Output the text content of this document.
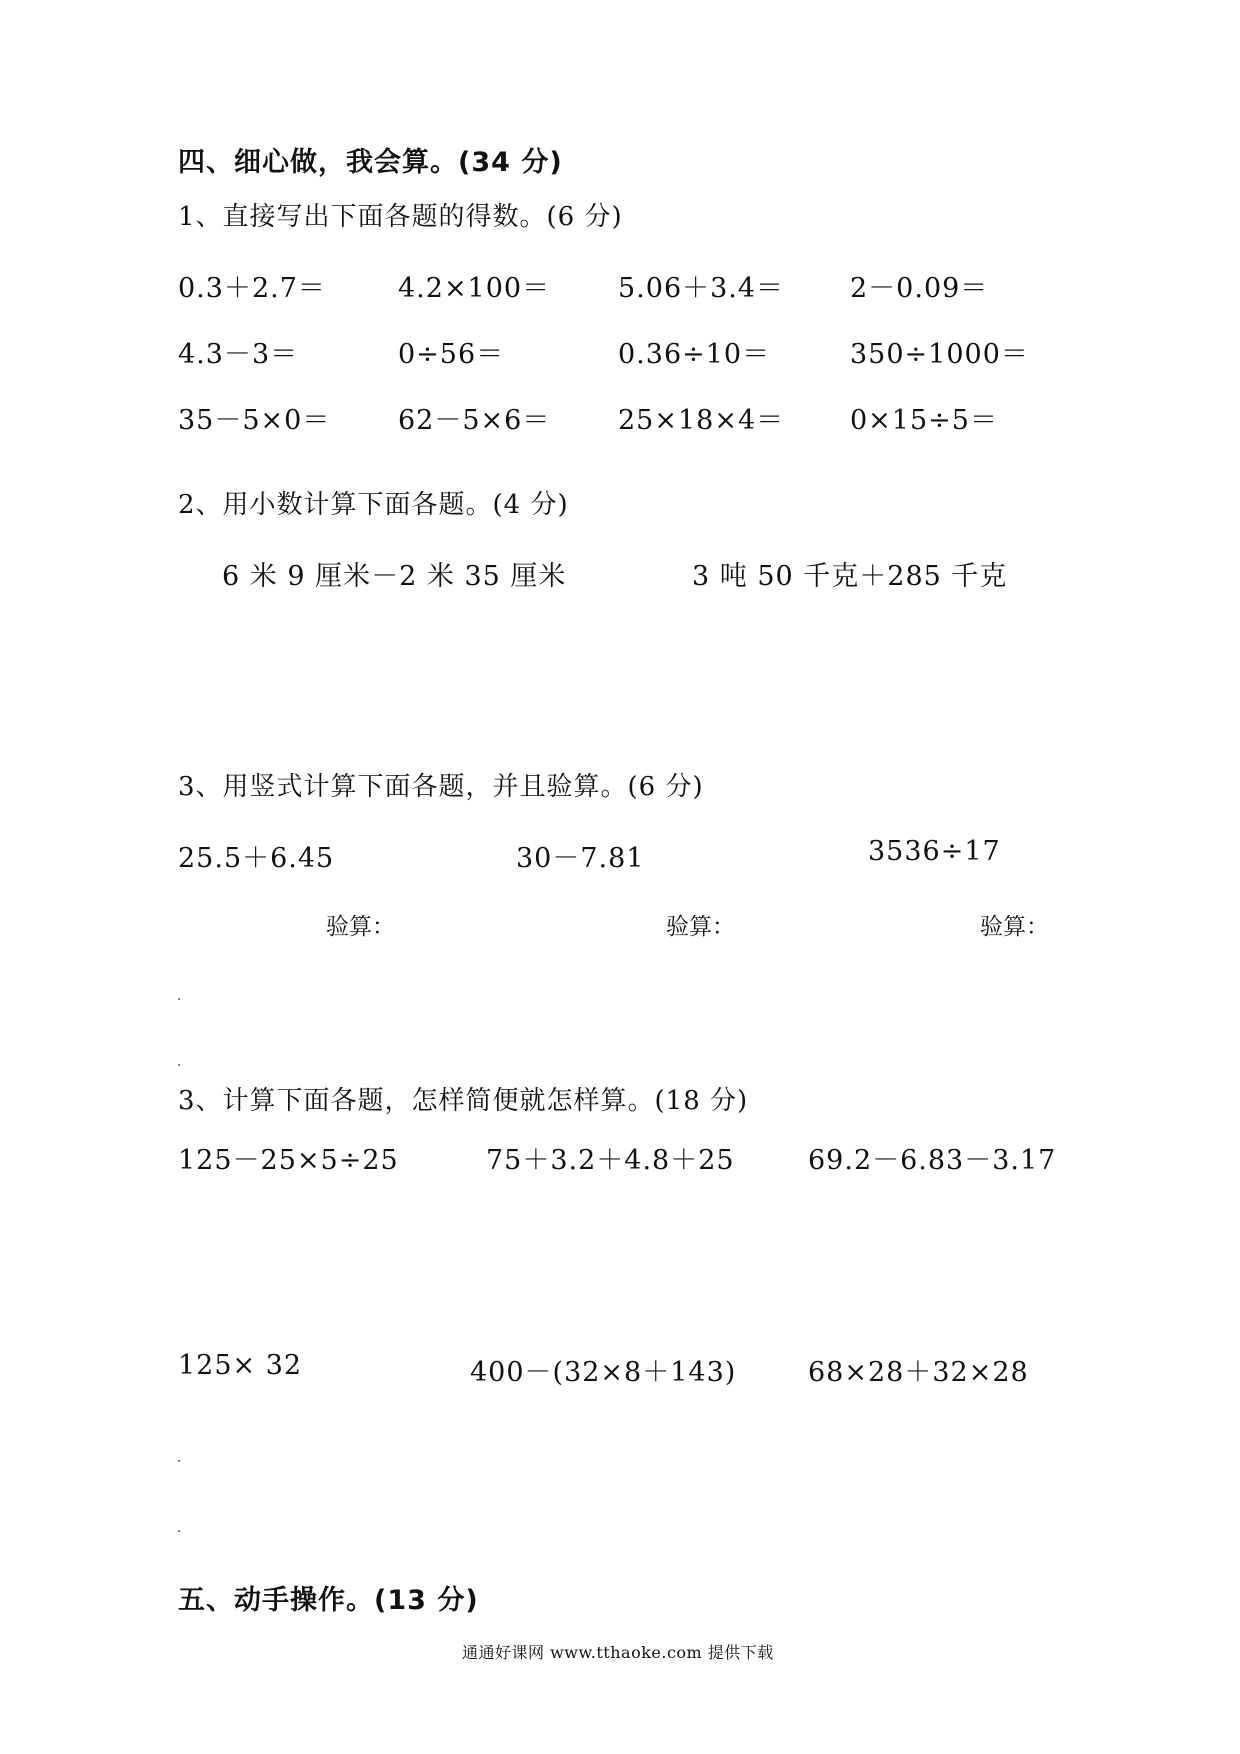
四、细心做，我会算。(34 分)
1、直接写出下面各题的得数。(6 分)
0.3＋2.7＝	4.2×100＝	5.06＋3.4＝ 2－0.09＝
4.3－3＝	0÷56＝	0.36÷10＝	350÷1000＝
35－5×0＝	62－5×6＝	25×18×4＝ 0×15÷5＝
2、用小数计算下面各题。(4 分)
6 米 9 厘米－2 米 35 厘米	3 吨 50 千克＋285 千克
3、用竖式计算下面各题，并且验算。(6 分)
25.5＋6.45	30－7.81	3536÷17
验算：	验算：	验算：
3、计算下面各题，怎样简便就怎样算。(18 分)
125－25×5÷25	75＋3.2＋4.8＋25	69.2－6.83－3.17
125× 32	400－(32×8＋143)	68×28＋32×28
五、动手操作。(13 分)
通通好课网 www.tthaoke.com 提供下载
